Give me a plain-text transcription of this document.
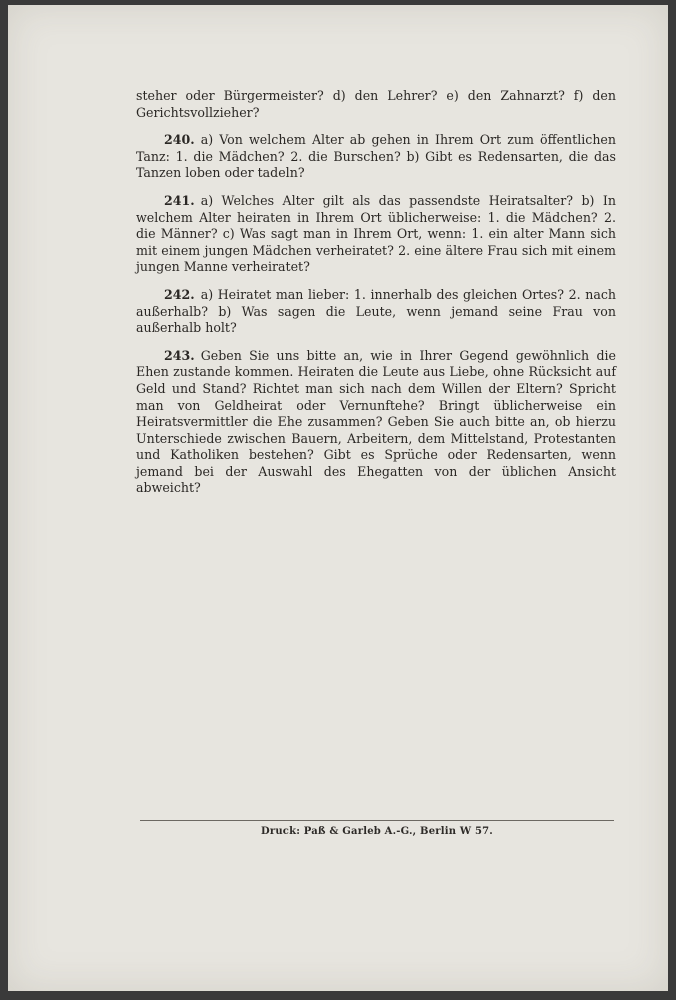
steher oder Bürgermeister? d) den Lehrer? e) den Zahnarzt? f) den Gerichtsvollzieher?

240. a) Von welchem Alter ab gehen in Ihrem Ort zum öffentlichen Tanz: 1. die Mädchen? 2. die Burschen? b) Gibt es Redensarten, die das Tanzen loben oder tadeln?

241. a) Welches Alter gilt als das passendste Heiratsalter? b) In welchem Alter heiraten in Ihrem Ort üblicherweise: 1. die Mädchen? 2. die Männer? c) Was sagt man in Ihrem Ort, wenn: 1. ein alter Mann sich mit einem jungen Mädchen verheiratet? 2. eine ältere Frau sich mit einem jungen Manne verheiratet?

242. a) Heiratet man lieber: 1. innerhalb des gleichen Ortes? 2. nach außerhalb? b) Was sagen die Leute, wenn jemand seine Frau von außerhalb holt?

243. Geben Sie uns bitte an, wie in Ihrer Gegend gewöhnlich die Ehen zustande kommen. Heiraten die Leute aus Liebe, ohne Rücksicht auf Geld und Stand? Richtet man sich nach dem Willen der Eltern? Spricht man von Geldheirat oder Vernunftehe? Bringt üblicherweise ein Heiratsvermittler die Ehe zusammen? Geben Sie auch bitte an, ob hierzu Unterschiede zwischen Bauern, Arbeitern, dem Mittelstand, Protestanten und Katholiken bestehen? Gibt es Sprüche oder Redensarten, wenn jemand bei der Auswahl des Ehegatten von der üblichen Ansicht abweicht?

Druck: Paß & Garleb A.-G., Berlin W 57.
